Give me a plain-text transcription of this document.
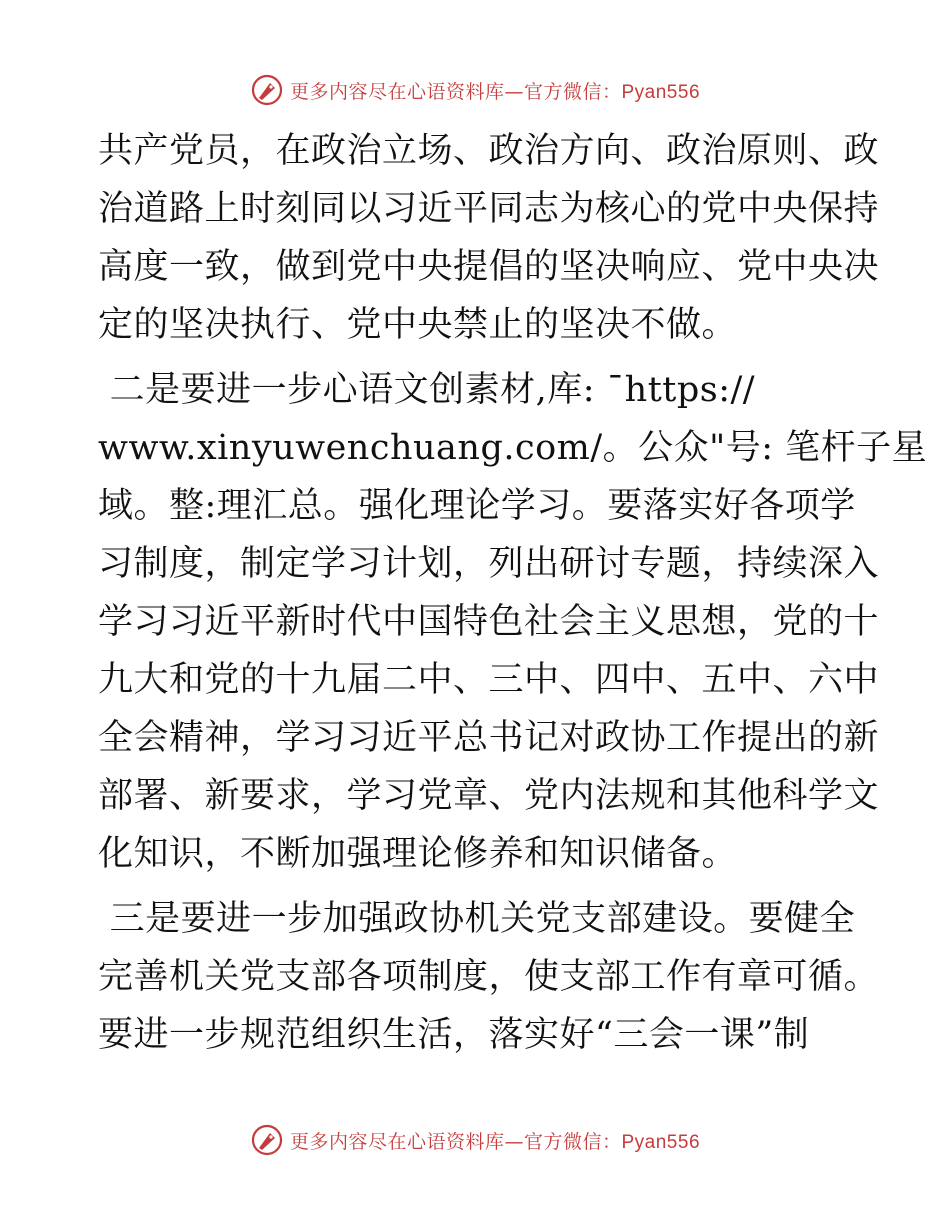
更多内容尽在心语资料库—官方微信：Pyan556
共产党员，在政治立场、政治方向、政治原则、政
治道路上时刻同以习近平同志为核心的党中央保持
高度一致，做到党中央提倡的坚决响应、党中央决
定的坚决执行、党中央禁止的坚决不做。
二是要进一步心语文创素材,库: ¯https://
www.xinyuwenchuang.com/。公众"号: 笔杆子星
域。整:理汇总。强化理论学习。要落实好各项学
习制度，制定学习计划，列出研讨专题，持续深入
学习习近平新时代中国特色社会主义思想，党的十
九大和党的十九届二中、三中、四中、五中、六中
全会精神，学习习近平总书记对政协工作提出的新
部署、新要求，学习党章、党内法规和其他科学文
化知识，不断加强理论修养和知识储备。
三是要进一步加强政协机关党支部建设。要健全
完善机关党支部各项制度，使支部工作有章可循。
要进一步规范组织生活，落实好“三会一课”制
更多内容尽在心语资料库—官方微信：Pyan556
